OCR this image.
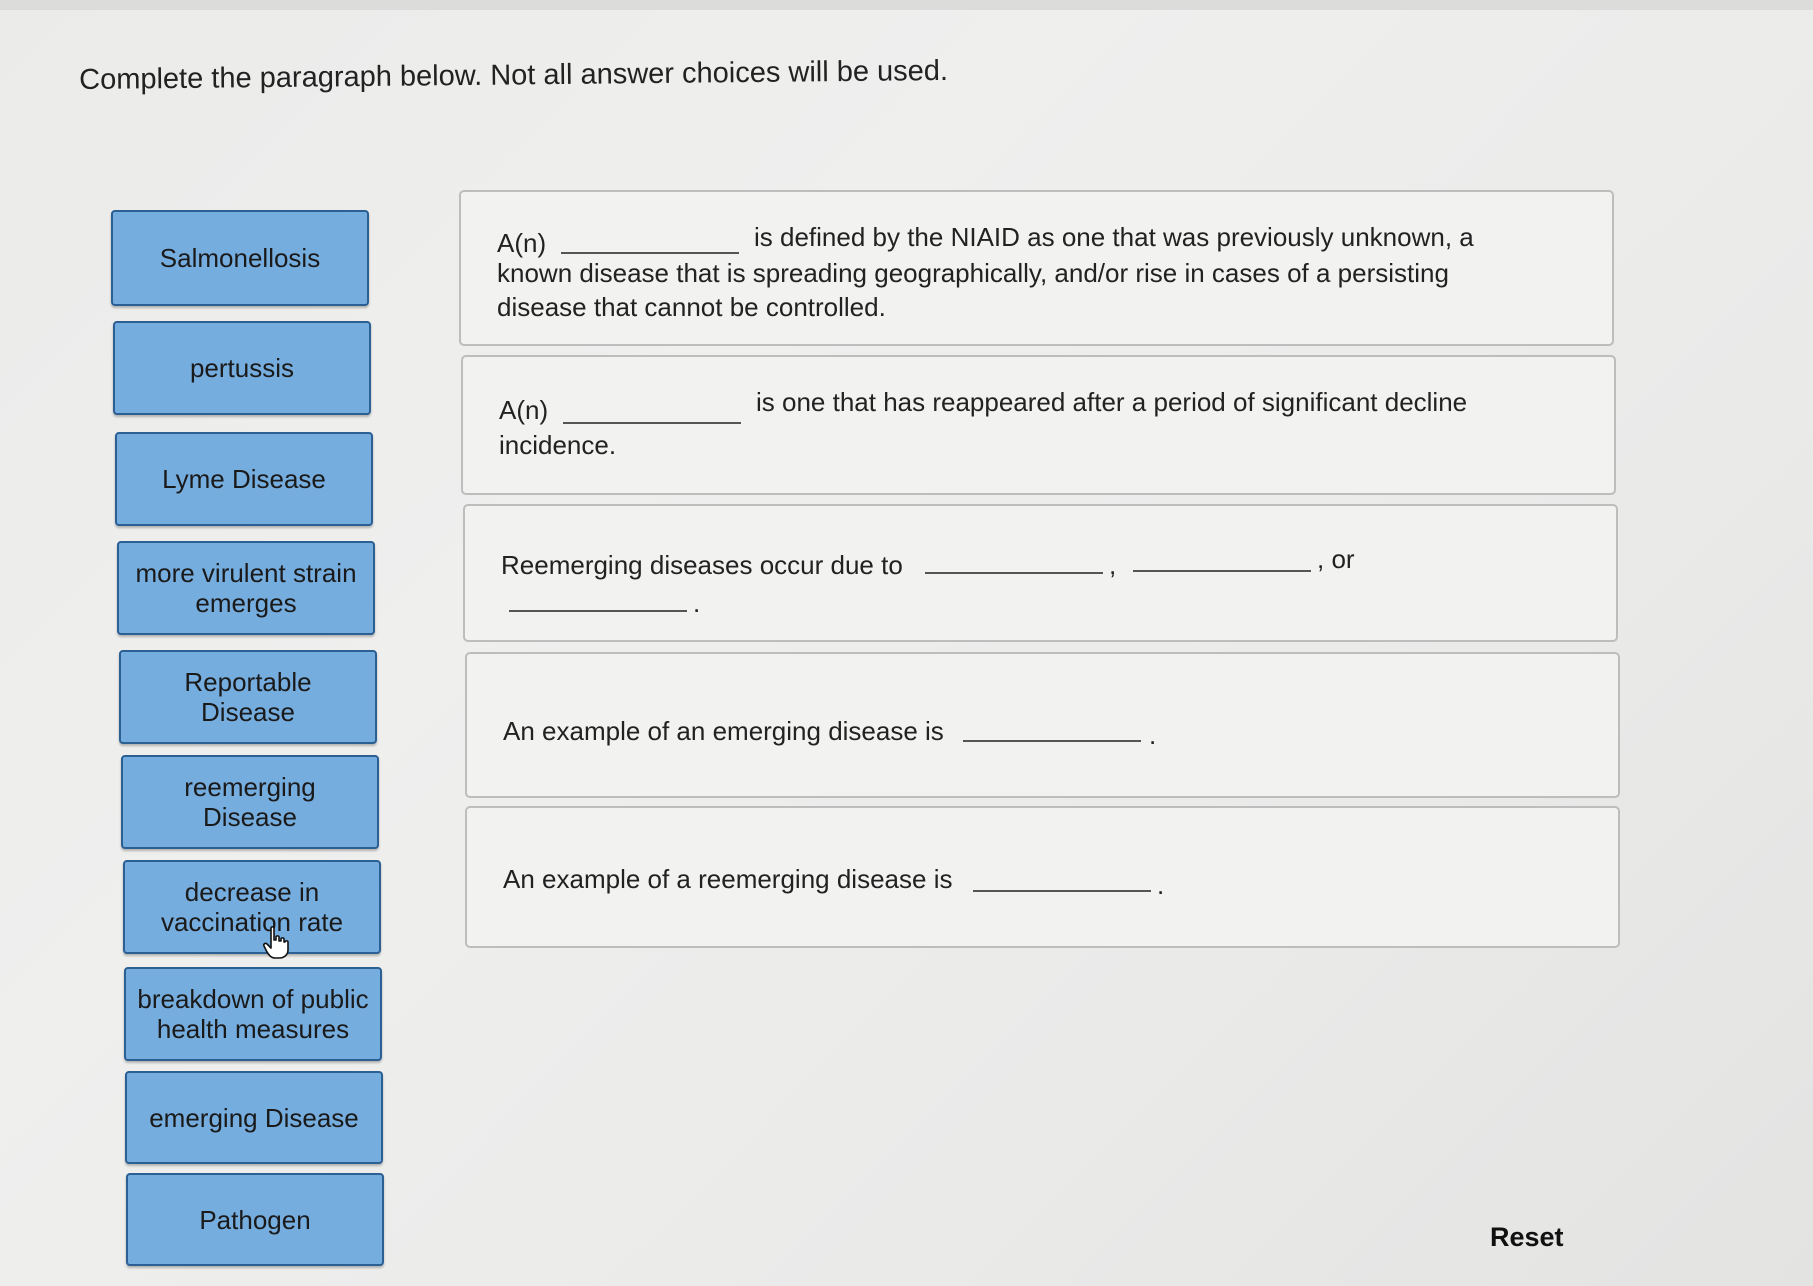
Complete the paragraph below. Not all answer choices will be used.
Salmonellosis
pertussis
Lyme Disease
more virulent strain
emerges
Reportable
Disease
reemerging
Disease
decrease in
vaccination rate
breakdown of public
health measures
emerging Disease
Pathogen
A(n)	is defined by the NIAID as one that was previously unknown, a
known disease that is spreading geographically, and/or rise in cases of a persisting
disease that cannot be controlled.
A(n)	is one that has reappeared after a period of significant decline
incidence.
Reemerging diseases occur due to	,	, or
.
An example of an emerging disease is	.
An example of a reemerging disease is	.
Reset
